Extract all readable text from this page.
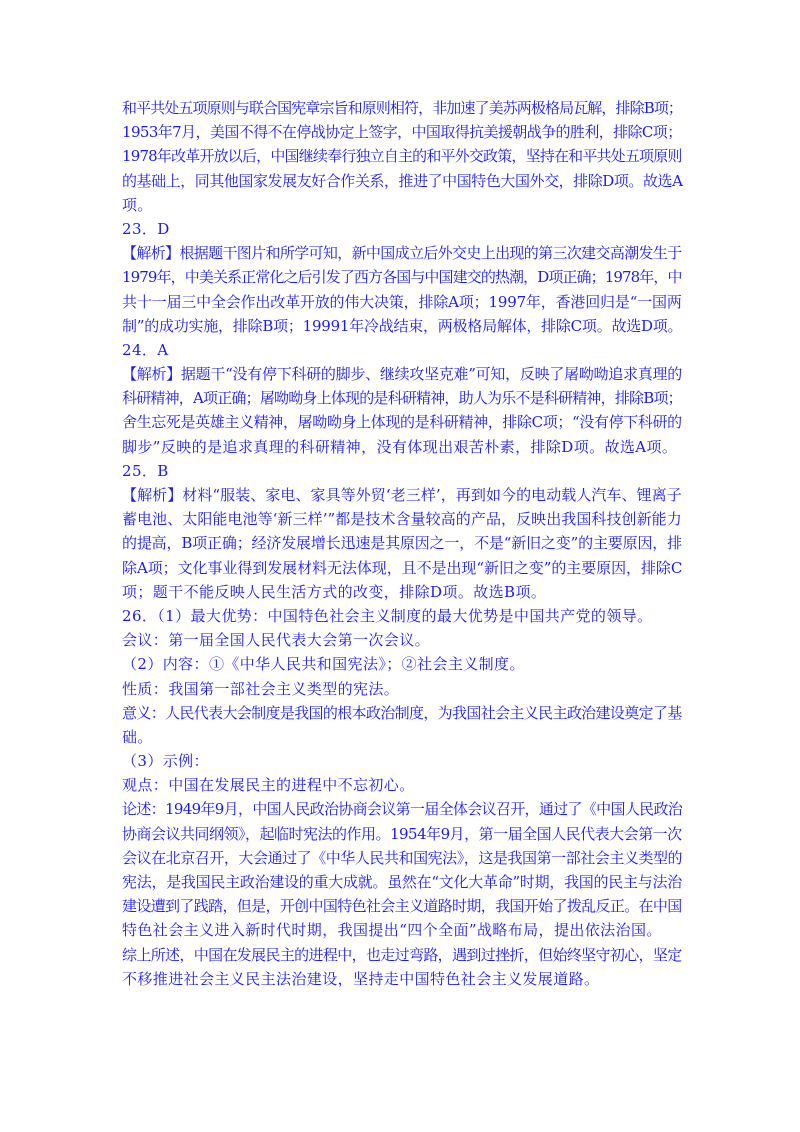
和平共处五项原则与联合国宪章宗旨和原则相符，非加速了美苏两极格局瓦解，排除B项；
1953年7月，美国不得不在停战协定上签字，中国取得抗美援朝战争的胜利，排除C项；
1978年改革开放以后，中国继续奉行独立自主的和平外交政策，坚持在和平共处五项原则
的基础上，同其他国家发展友好合作关系，推进了中国特色大国外交，排除D项。故选A
项。
23．D
【解析】根据题干图片和所学可知，新中国成立后外交史上出现的第三次建交高潮发生于
1979年，中美关系正常化之后引发了西方各国与中国建交的热潮，D项正确；1978年，中
共十一届三中全会作出改革开放的伟大决策，排除A项；1997年，香港回归是“一国两
制”的成功实施，排除B项；19991年冷战结束，两极格局解体，排除C项。故选D项。
24．A
【解析】据题干“没有停下科研的脚步、继续攻坚克难”可知，反映了屠呦呦追求真理的
科研精神，A项正确；屠呦呦身上体现的是科研精神，助人为乐不是科研精神，排除B项；
舍生忘死是英雄主义精神，屠呦呦身上体现的是科研精神，排除C项；“没有停下科研的
脚步”反映的是追求真理的科研精神，没有体现出艰苦朴素，排除D项。故选A项。
25．B
【解析】材料“服装、家电、家具等外贸‘老三样’，再到如今的电动载人汽车、锂离子
蓄电池、太阳能电池等‘新三样’”都是技术含量较高的产品，反映出我国科技创新能力
的提高，B项正确；经济发展增长迅速是其原因之一，不是“新旧之变”的主要原因，排
除A项；文化事业得到发展材料无法体现，且不是出现“新旧之变”的主要原因，排除C
项；题干不能反映人民生活方式的改变，排除D项。故选B项。
26．（1）最大优势：中国特色社会主义制度的最大优势是中国共产党的领导。
会议：第一届全国人民代表大会第一次会议。
（2）内容：①《中华人民共和国宪法》；②社会主义制度。
性质：我国第一部社会主义类型的宪法。
意义：人民代表大会制度是我国的根本政治制度，为我国社会主义民主政治建设奠定了基
础。
（3）示例：
观点：中国在发展民主的进程中不忘初心。
论述：1949年9月，中国人民政治协商会议第一届全体会议召开，通过了《中国人民政治
协商会议共同纲领》，起临时宪法的作用。1954年9月，第一届全国人民代表大会第一次
会议在北京召开，大会通过了《中华人民共和国宪法》，这是我国第一部社会主义类型的
宪法，是我国民主政治建设的重大成就。虽然在“文化大革命”时期，我国的民主与法治
建设遭到了践踏，但是，开创中国特色社会主义道路时期，我国开始了拨乱反正。在中国
特色社会主义进入新时代时期，我国提出“四个全面”战略布局，提出依法治国。
综上所述，中国在发展民主的进程中，也走过弯路，遇到过挫折，但始终坚守初心，坚定
不移推进社会主义民主法治建设，坚持走中国特色社会主义发展道路。
